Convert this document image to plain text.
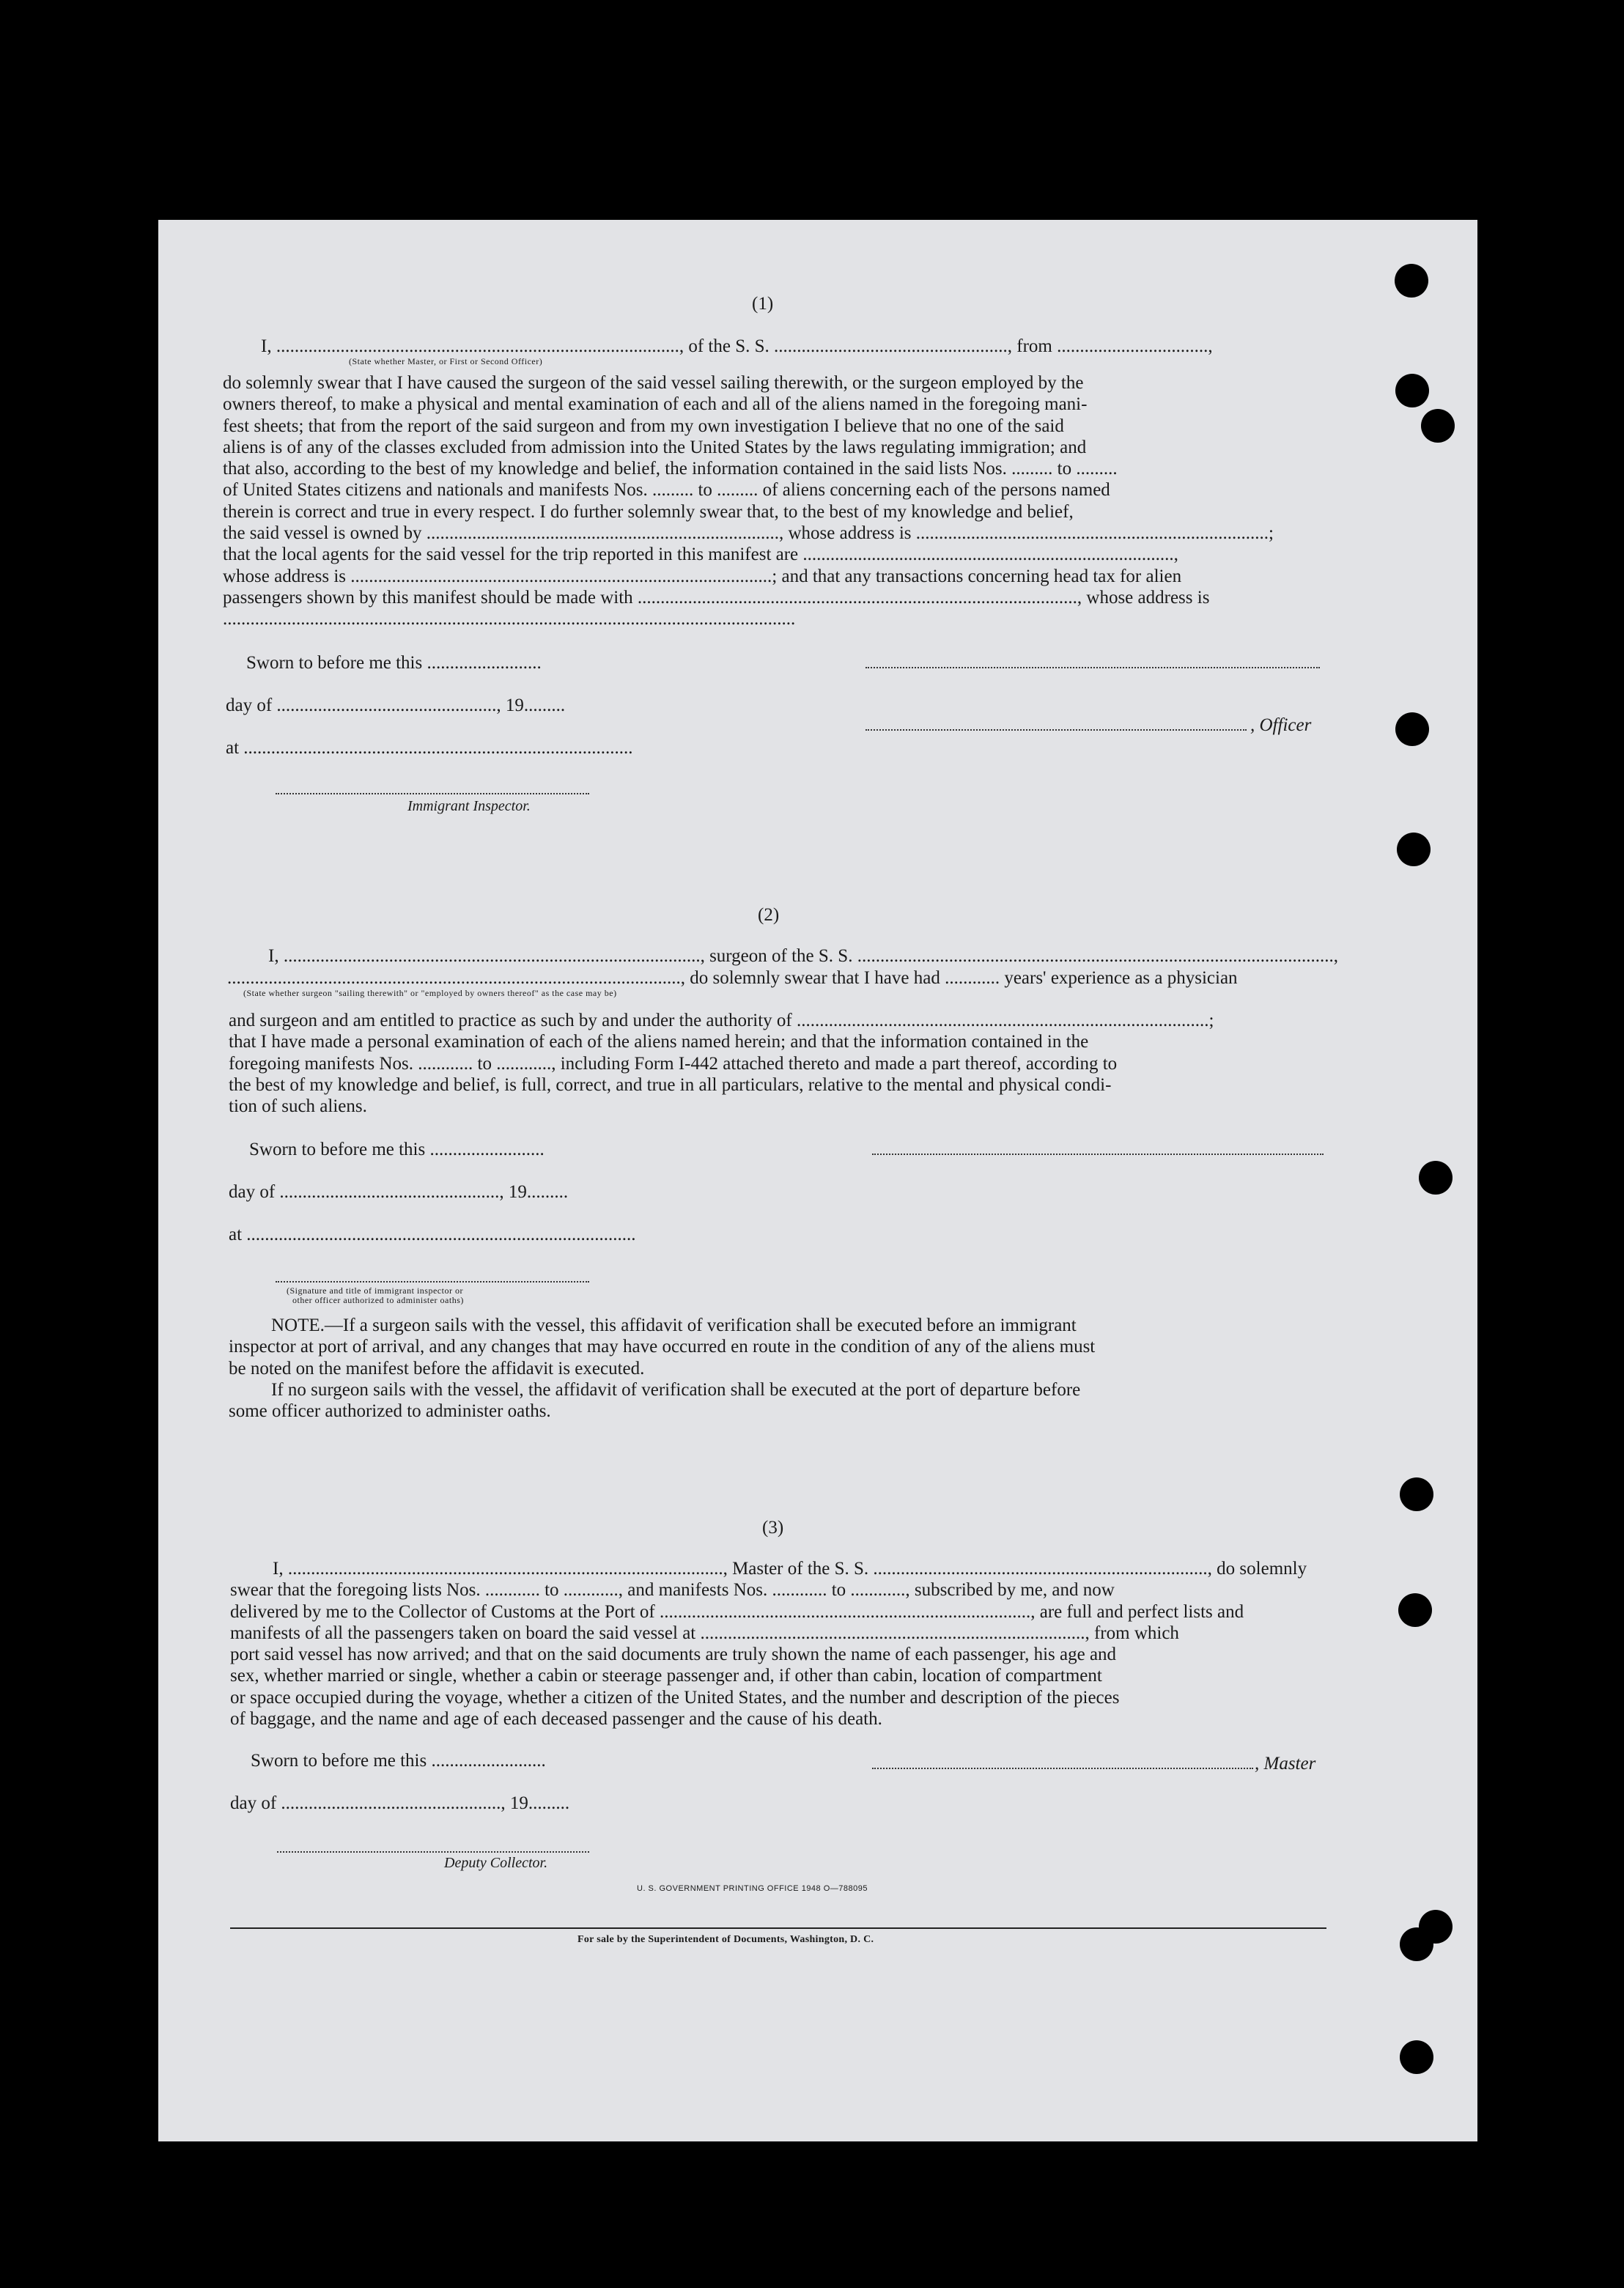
(1)
I, ........................................................................................, of the S. S. ..................................................., from .................................,
(State whether Master, or First or Second Officer)
do solemnly swear that I have caused the surgeon of the said vessel sailing therewith, or the surgeon employed by the
owners thereof, to make a physical and mental examination of each and all of the aliens named in the foregoing mani-
fest sheets; that from the report of the said surgeon and from my own investigation I believe that no one of the said
aliens is of any of the classes excluded from admission into the United States by the laws regulating immigration; and
that also, according to the best of my knowledge and belief, the information contained in the said lists Nos. ......... to .........
of United States citizens and nationals and manifests Nos. ......... to ......... of aliens concerning each of the persons named
therein is correct and true in every respect. I do further solemnly swear that, to the best of my knowledge and belief,
the said vessel is owned by ............................................................................., whose address is .............................................................................;
that the local agents for the said vessel for the trip reported in this manifest are .................................................................................,
whose address is ............................................................................................; and that any transactions concerning head tax for alien
passengers shown by this manifest should be made with ................................................................................................, whose address is
.............................................................................................................................
Sworn to before me this .........................
day of ................................................, 19.........
, Officer
at .....................................................................................
Immigrant Inspector.
(2)
I, ..........................................................................................., surgeon of the S. S. ........................................................................................................,
..................................................................................................., do solemnly swear that I have had ............ years' experience as a physician
(State whether surgeon "sailing therewith" or "employed by owners thereof" as the case may be)
and surgeon and am entitled to practice as such by and under the authority of ..........................................................................................;
that I have made a personal examination of each of the aliens named herein; and that the information contained in the
foregoing manifests Nos. ............ to ............, including Form I-442 attached thereto and made a part thereof, according to
the best of my knowledge and belief, is full, correct, and true in all particulars, relative to the mental and physical condi-
tion of such aliens.
Sworn to before me this .........................
day of ................................................, 19.........
at .....................................................................................
(Signature and title of immigrant inspector or
other officer authorized to administer oaths)
NOTE.—If a surgeon sails with the vessel, this affidavit of verification shall be executed before an immigrant
inspector at port of arrival, and any changes that may have occurred en route in the condition of any of the aliens must
be noted on the manifest before the affidavit is executed.
If no surgeon sails with the vessel, the affidavit of verification shall be executed at the port of departure before
some officer authorized to administer oaths.
(3)
I, ..............................................................................................., Master of the S. S. ........................................................................., do solemnly
swear that the foregoing lists Nos. ............ to ............, and manifests Nos. ............ to ............, subscribed by me, and now
delivered by me to the Collector of Customs at the Port of ................................................................................., are full and perfect lists and
manifests of all the passengers taken on board the said vessel at ...................................................................................., from which
port said vessel has now arrived; and that on the said documents are truly shown the name of each passenger, his age and
sex, whether married or single, whether a cabin or steerage passenger and, if other than cabin, location of compartment
or space occupied during the voyage, whether a citizen of the United States, and the number and description of the pieces
of baggage, and the name and age of each deceased passenger and the cause of his death.
Sworn to before me this .........................	, Master
day of ................................................, 19.........
Deputy Collector.
U. S. GOVERNMENT PRINTING OFFICE 1948 O—788095
For sale by the Superintendent of Documents, Washington, D. C.
